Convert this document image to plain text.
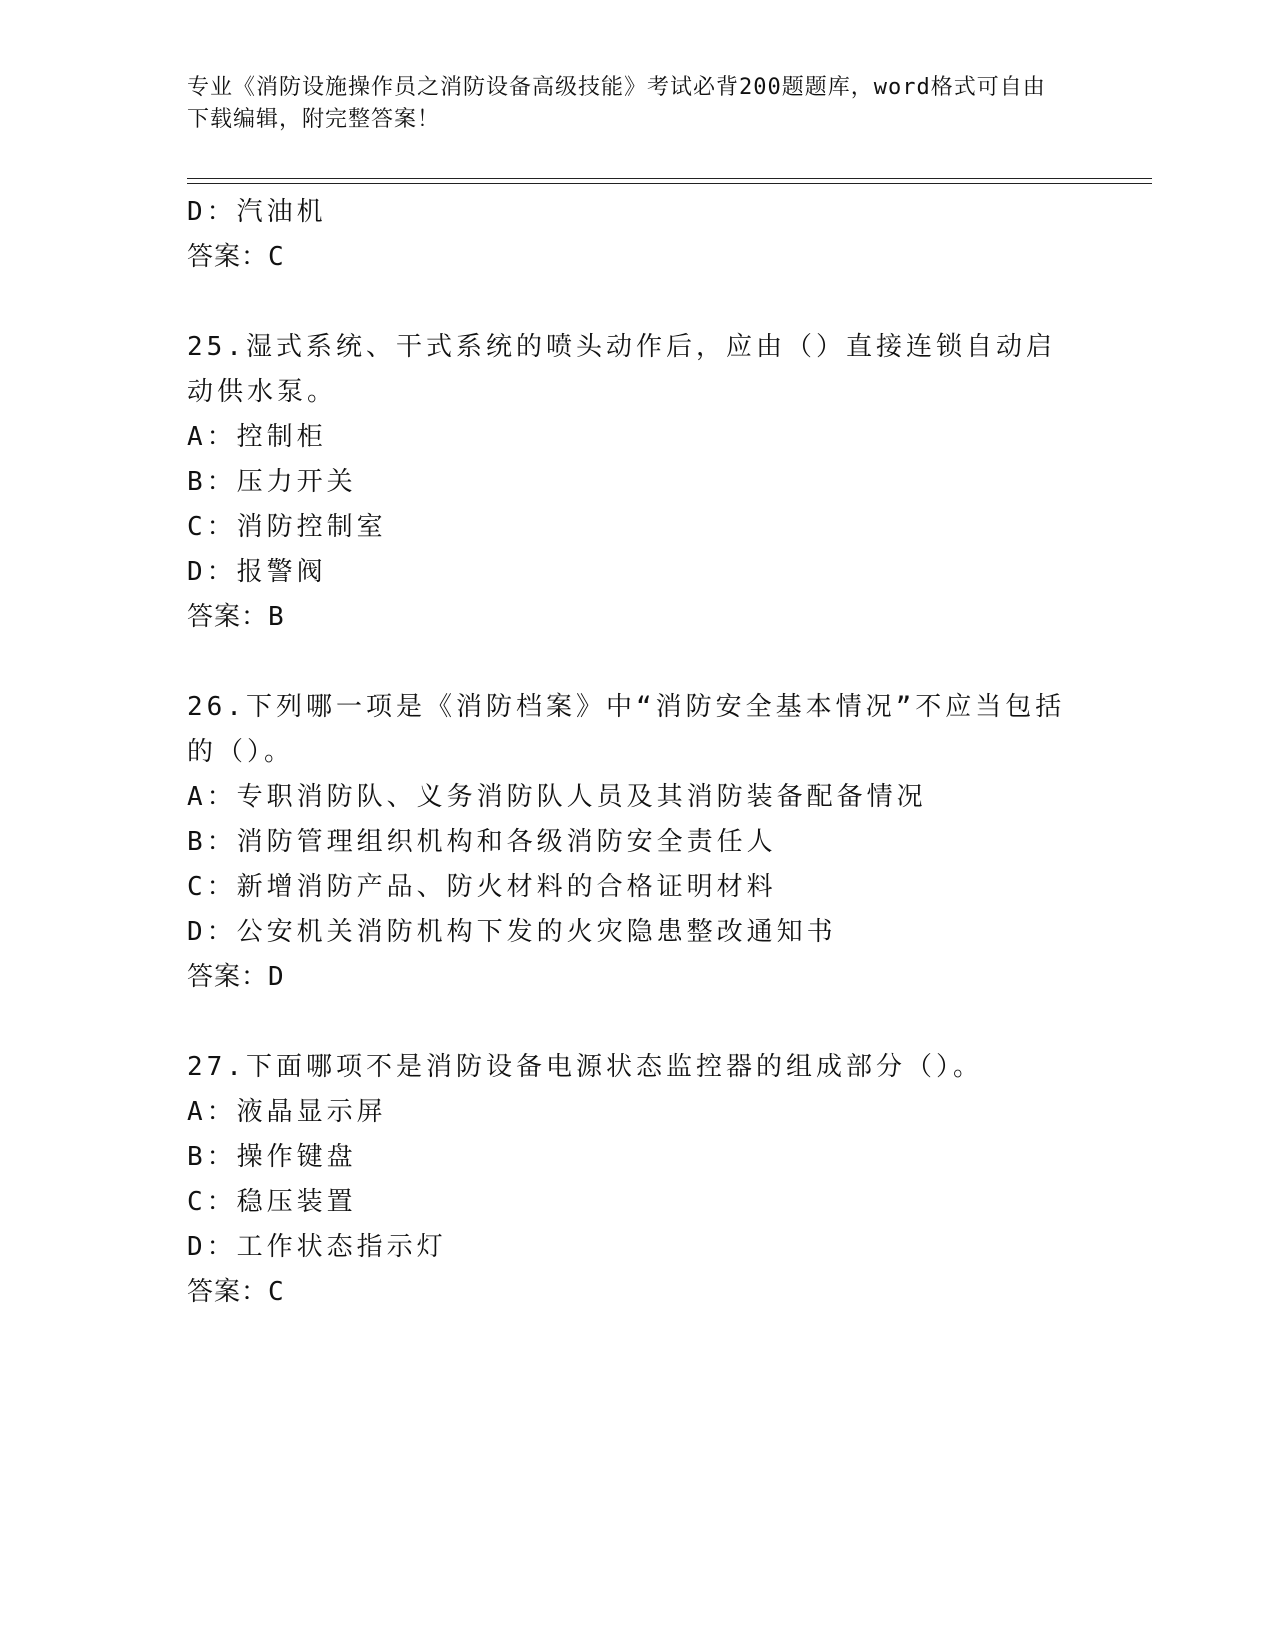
专业《消防设施操作员之消防设备高级技能》考试必背200题题库，word格式可自由下载编辑，附完整答案！
D：汽油机
答案：C
25.湿式系统、干式系统的喷头动作后，应由（）直接连锁自动启动供水泵。
A：控制柜
B：压力开关
C：消防控制室
D：报警阀
答案：B
26.下列哪一项是《消防档案》中“消防安全基本情况”不应当包括的（）。
A：专职消防队、义务消防队人员及其消防装备配备情况
B：消防管理组织机构和各级消防安全责任人
C：新增消防产品、防火材料的合格证明材料
D：公安机关消防机构下发的火灾隐患整改通知书
答案：D
27.下面哪项不是消防设备电源状态监控器的组成部分（）。
A：液晶显示屏
B：操作键盘
C：稳压装置
D：工作状态指示灯
答案：C
